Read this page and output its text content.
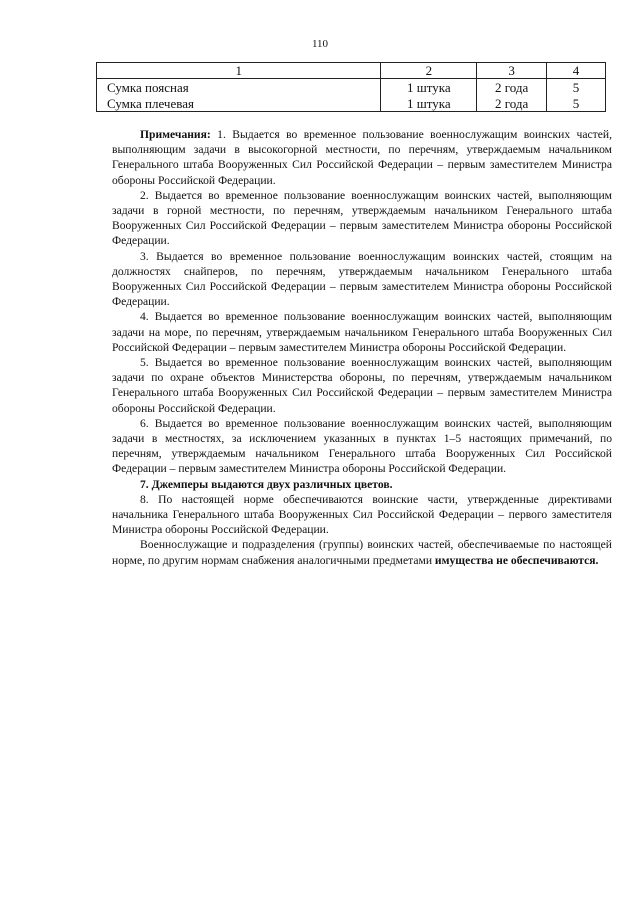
110
1	2	3	4
Сумка поясная	1 штука	2 года	5
Сумка плечевая	1 штука	2 года	5

Примечания: 1. Выдается во временное пользование военнослужащим воинских частей, выполняющим задачи в высокогорной местности, по перечням, утверждаемым начальником Генерального штаба Вооруженных Сил Российской Федерации – первым заместителем Министра обороны Российской Федерации.

2. Выдается во временное пользование военнослужащим воинских частей, выполняющим задачи в горной местности, по перечням, утверждаемым начальником Генерального штаба Вооруженных Сил Российской Федерации – первым заместителем Министра обороны Российской Федерации.

3. Выдается во временное пользование военнослужащим воинских частей, стоящим на должностях снайперов, по перечням, утверждаемым начальником Генерального штаба Вооруженных Сил Российской Федерации – первым заместителем Министра обороны Российской Федерации.

4. Выдается во временное пользование военнослужащим воинских частей, выполняющим задачи на море, по перечням, утверждаемым начальником Генерального штаба Вооруженных Сил Российской Федерации – первым заместителем Министра обороны Российской Федерации.

5. Выдается во временное пользование военнослужащим воинских частей, выполняющим задачи по охране объектов Министерства обороны, по перечням, утверждаемым начальником Генерального штаба Вооруженных Сил Российской Федерации – первым заместителем Министра обороны Российской Федерации.

6. Выдается во временное пользование военнослужащим воинских частей, выполняющим задачи в местностях, за исключением указанных в пунктах 1–5 настоящих примечаний, по перечням, утверждаемым начальником Генерального штаба Вооруженных Сил Российской Федерации – первым заместителем Министра обороны Российской Федерации.

7. Джемперы выдаются двух различных цветов.

8. По настоящей норме обеспечиваются воинские части, утвержденные директивами начальника Генерального штаба Вооруженных Сил Российской Федерации – первого заместителя Министра обороны Российской Федерации.

Военнослужащие и подразделения (группы) воинских частей, обеспечиваемые по настоящей норме, по другим нормам снабжения аналогичными предметами имущества не обеспечиваются.
